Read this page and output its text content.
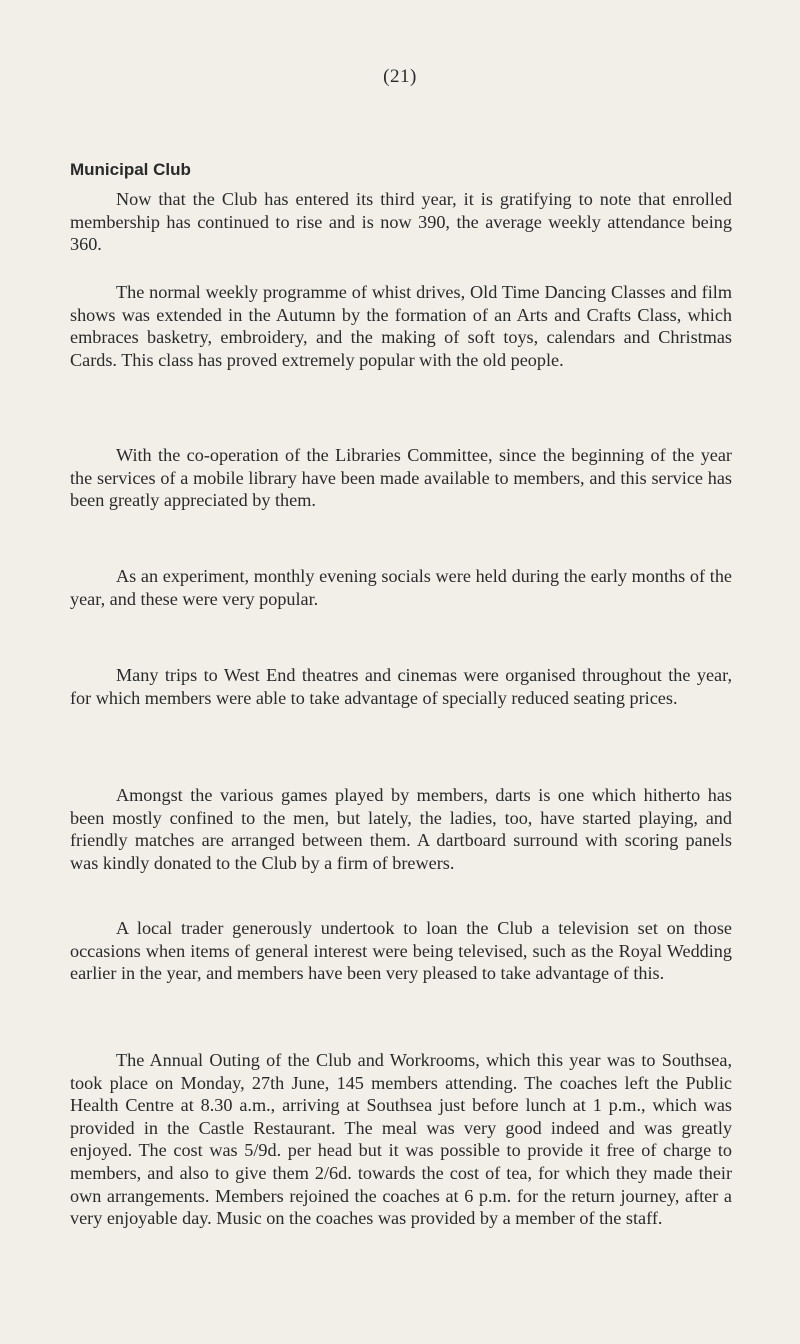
(21)
Municipal Club

Now that the Club has entered its third year, it is gratifying to note that enrolled membership has continued to rise and is now 390, the average weekly attendance being 360.

The normal weekly programme of whist drives, Old Time Dancing Classes and film shows was extended in the Autumn by the formation of an Arts and Crafts Class, which embraces basketry, embroidery, and the making of soft toys, calendars and Christmas Cards. This class has proved extremely popular with the old people.

With the co-operation of the Libraries Committee, since the beginning of the year the services of a mobile library have been made available to members, and this service has been greatly appreciated by them.

As an experiment, monthly evening socials were held during the early months of the year, and these were very popular.

Many trips to West End theatres and cinemas were organised throughout the year, for which members were able to take advantage of specially reduced seating prices.

Amongst the various games played by members, darts is one which hitherto has been mostly confined to the men, but lately, the ladies, too, have started playing, and friendly matches are arranged between them. A dartboard surround with scoring panels was kindly donated to the Club by a firm of brewers.

A local trader generously undertook to loan the Club a television set on those occasions when items of general interest were being televised, such as the Royal Wedding earlier in the year, and members have been very pleased to take advantage of this.

The Annual Outing of the Club and Workrooms, which this year was to Southsea, took place on Monday, 27th June, 145 members attending. The coaches left the Public Health Centre at 8.30 a.m., arriving at Southsea just before lunch at 1 p.m., which was provided in the Castle Restaurant. The meal was very good indeed and was greatly enjoyed. The cost was 5/9d. per head but it was possible to provide it free of charge to members, and also to give them 2/6d. towards the cost of tea, for which they made their own arrangements. Members rejoined the coaches at 6 p.m. for the return journey, after a very enjoyable day. Music on the coaches was provided by a member of the staff.
